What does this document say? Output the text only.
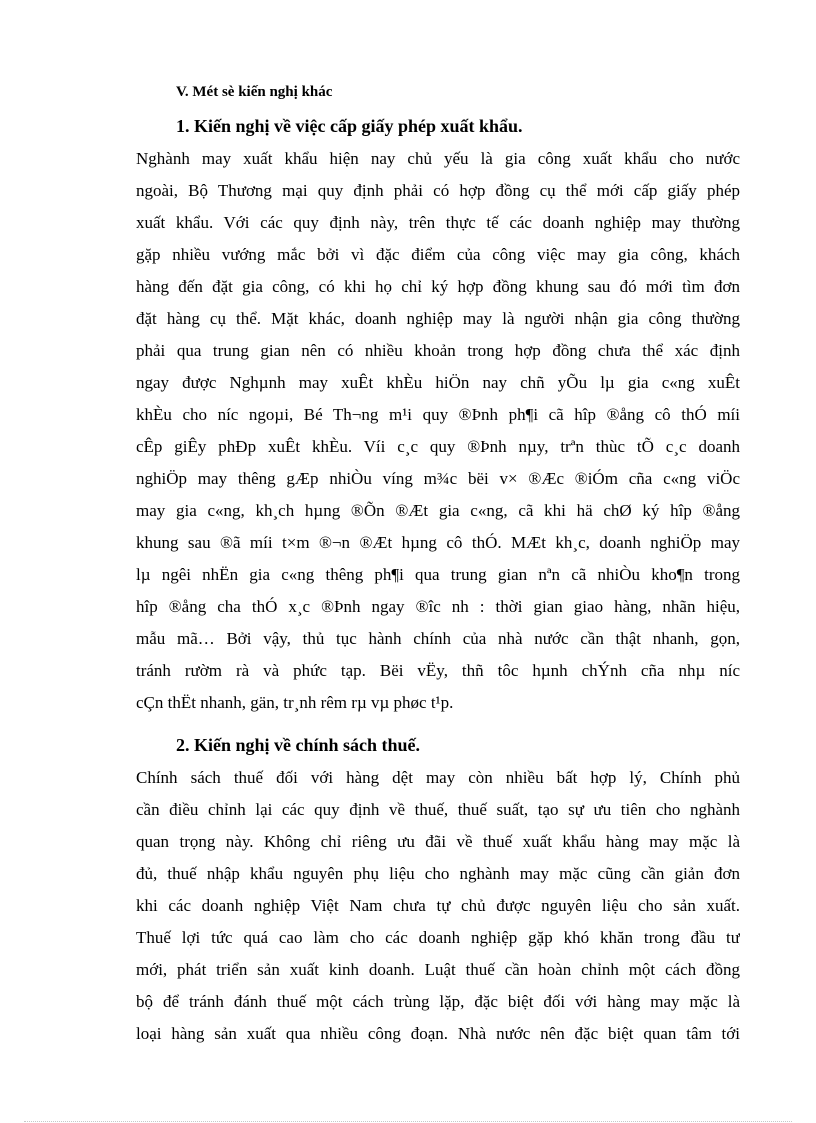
V. Mét sè kiến nghị khác
1. Kiến nghị về việc cấp giấy phép xuất khẩu.
Nghành may xuất khẩu hiện nay chủ yếu là gia công xuất khẩu cho nước
ngoài, Bộ Thương mại quy định phải có hợp đồng cụ thể mới cấp giấy phép
xuất khẩu. Với các quy định này, trên thực tế các doanh nghiệp may thường
gặp nhiều vướng mắc bởi vì đặc điểm của công việc may gia công, khách
hàng đến đặt gia công, có khi họ chỉ ký hợp đồng khung sau đó mới tìm đơn
đặt hàng cụ thể. Mặt khác, doanh nghiệp may là người nhận gia công thường
phải qua trung gian nên có nhiều khoản trong hợp đồng chưa thể xác định
ngay được Nghµnh may xuÊt khÈu hiÖn nay chñ yÕu lµ gia c«ng xuÊt
khÈu cho níc ngoµi, Bé Th¬ng m¹i quy ®Þnh ph¶i cã hîp ®ång cô thÓ míi
cÊp giÊy phÐp xuÊt khÈu. Víi c¸c quy ®Þnh nµy, trªn thùc tÕ c¸c doanh
nghiÖp may thêng gÆp nhiÒu víng m¾c bëi v× ®Æc ®iÓm cña c«ng viÖc
may gia c«ng, kh¸ch hµng ®Õn ®Æt gia c«ng, cã khi hä chØ ký hîp ®ång
khung sau ®ã míi t×m ®¬n ®Æt hµng cô thÓ. MÆt kh¸c, doanh nghiÖp may
lµ ngêi nhËn gia c«ng thêng ph¶i qua trung gian nªn cã nhiÒu kho¶n trong
hîp ®ång cha thÓ x¸c ®Þnh ngay ®îc nh : thời gian giao hàng, nhãn hiệu,
mẫu mã… Bởi vậy, thủ tục hành chính của nhà nước cần thật nhanh, gọn,
tránh rườm rà và phức tạp. Bëi vËy, thñ tôc hµnh chÝnh cña nhµ níc
cÇn thËt nhanh, gän, tr¸nh rêm rµ vµ phøc t¹p.
2. Kiến nghị về chính sách thuế.
Chính sách thuế đối với hàng dệt may còn nhiều bất hợp lý, Chính phủ
cần điều chỉnh lại các quy định về thuế, thuế suất, tạo sự ưu tiên cho nghành
quan trọng này. Không chỉ riêng ưu đãi về thuế xuất khẩu hàng may mặc là
đủ, thuế nhập khẩu nguyên phụ liệu cho nghành may mặc cũng cần giản đơn
khi các doanh nghiệp Việt Nam chưa tự chủ được nguyên liệu cho sản xuất.
Thuế lợi tức quá cao làm cho các doanh nghiệp gặp khó khăn trong đầu tư
mới, phát triển sản xuất kinh doanh. Luật thuế cần hoàn chỉnh một cách đồng
bộ để tránh đánh thuế một cách trùng lặp, đặc biệt đối với hàng may mặc là
loại hàng sản xuất qua nhiều công đoạn. Nhà nước nên đặc biệt quan tâm tới
